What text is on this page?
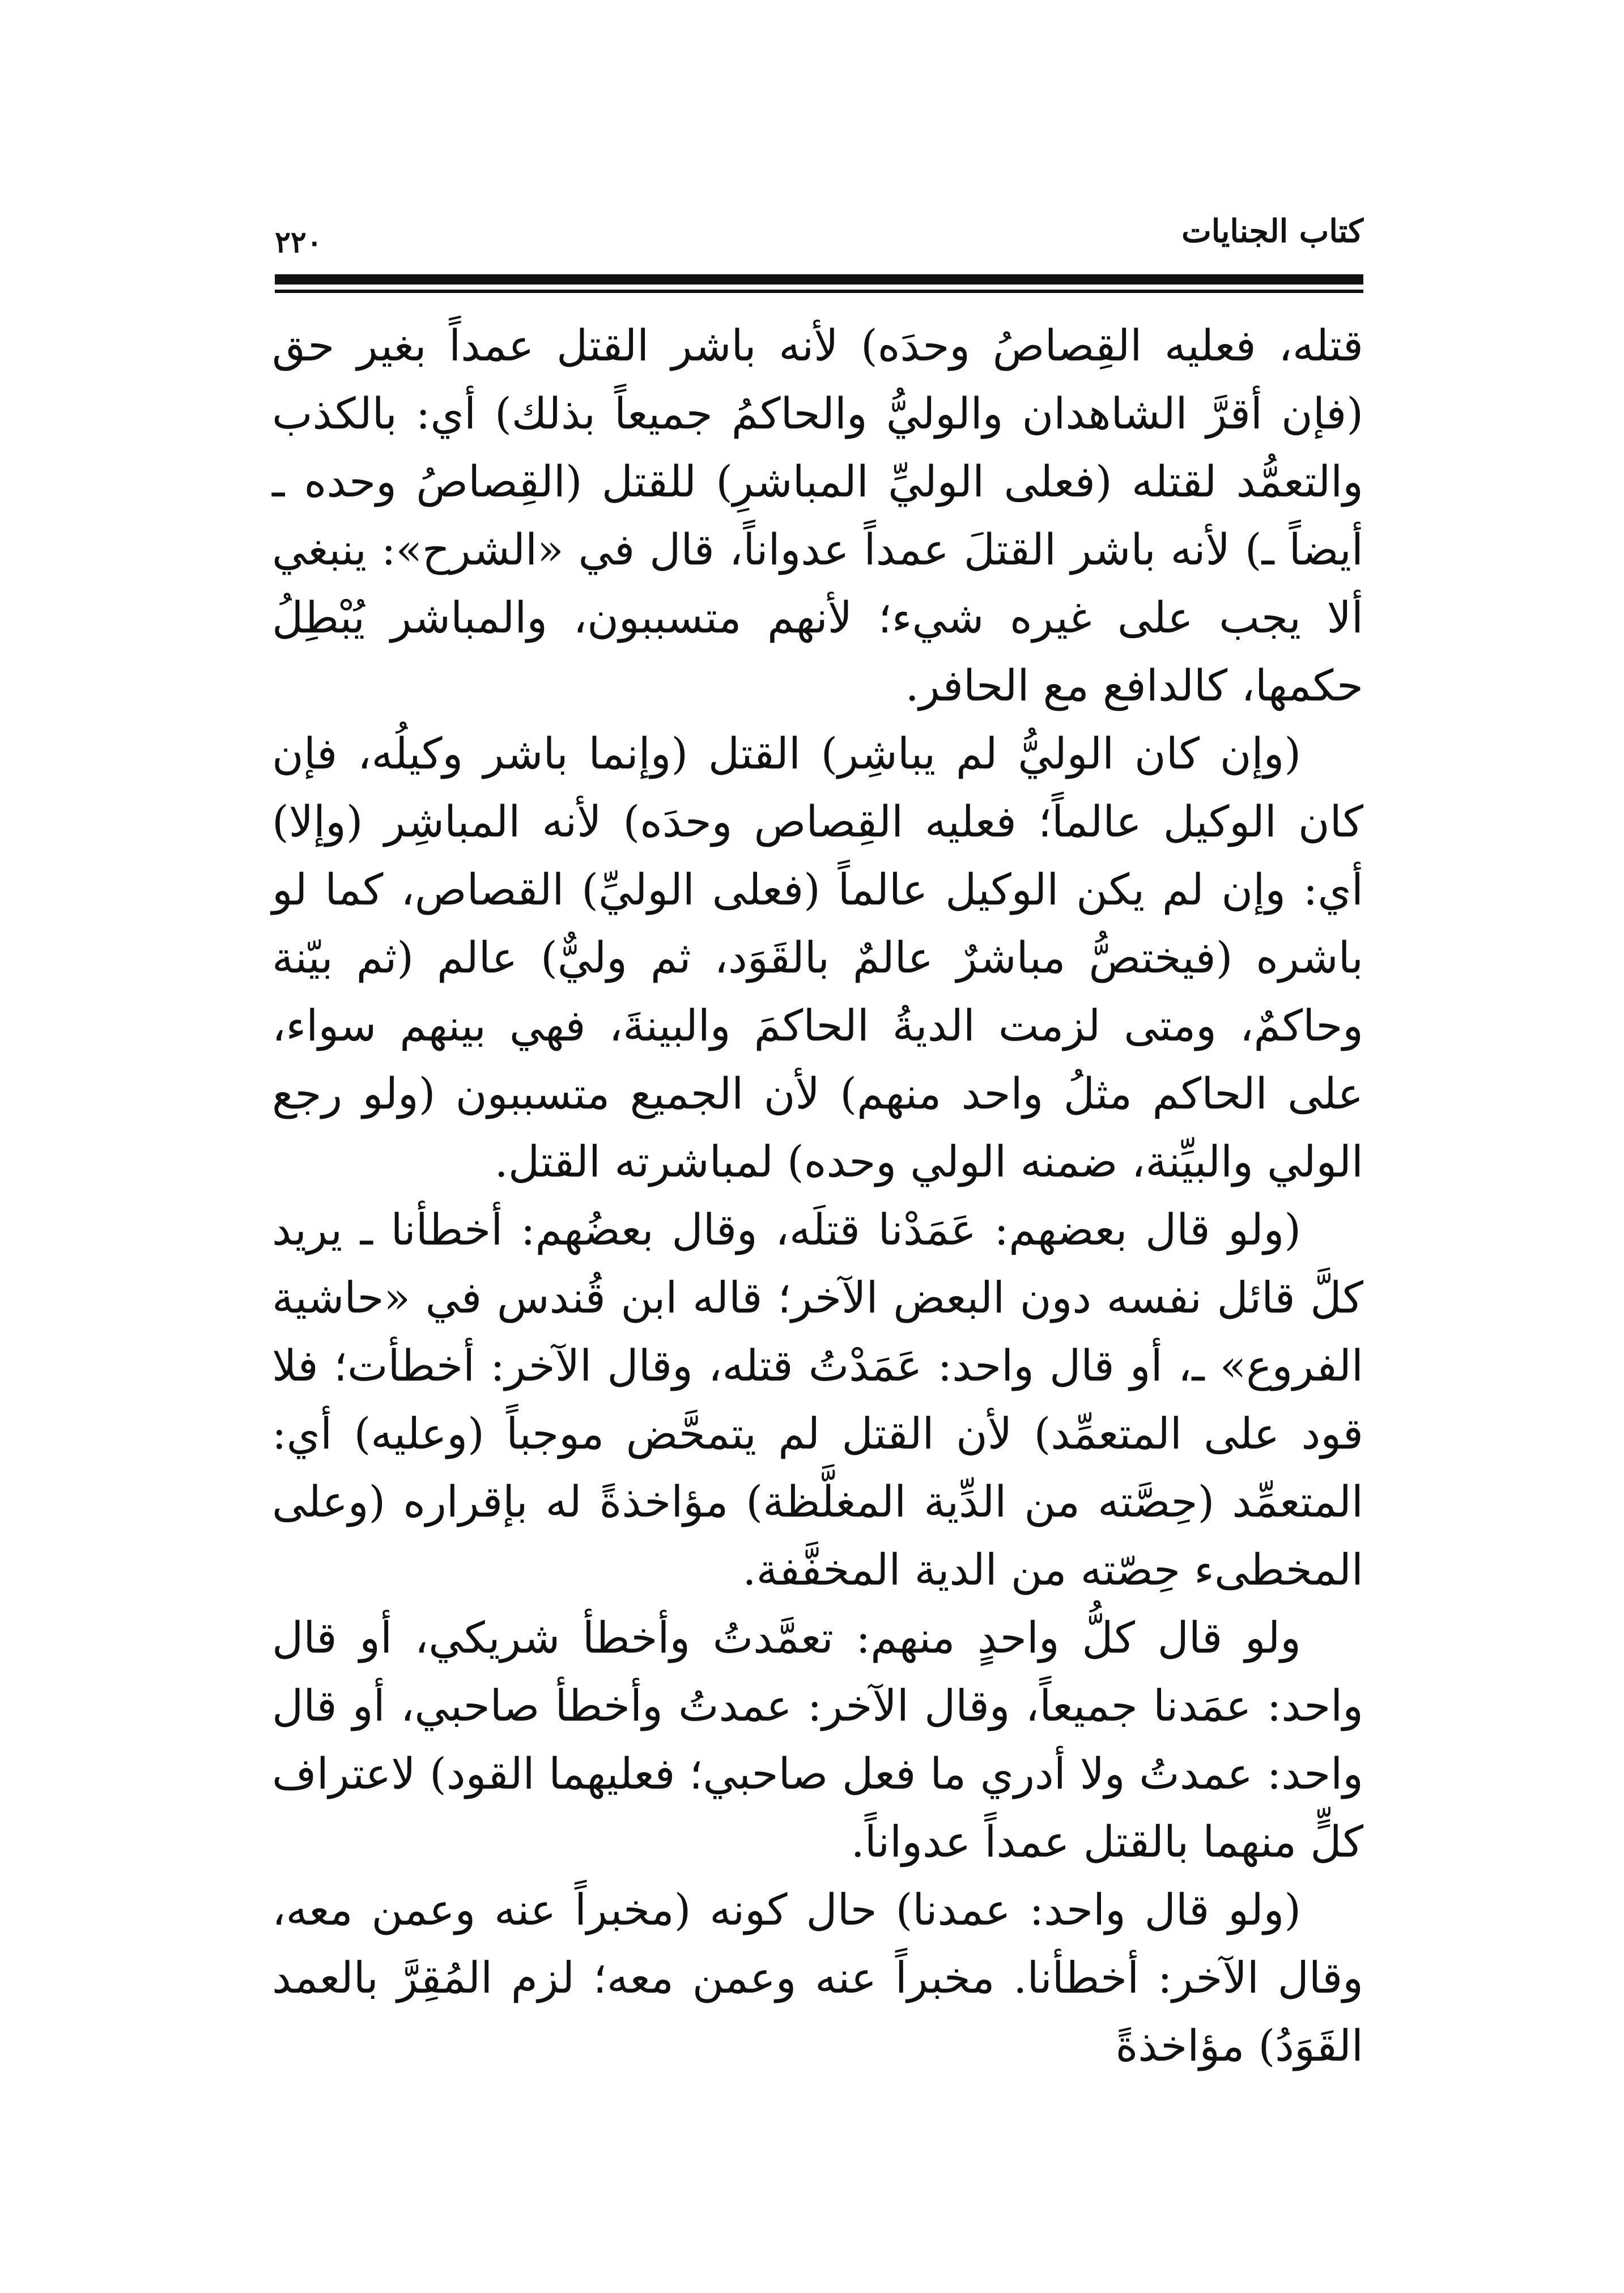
كتاب الجنايات
٢٢٠

قتله، فعليه القِصاصُ وحدَه) لأنه باشر القتل عمداً بغير حق (فإن أقرَّ الشاهدان والوليُّ والحاكمُ جميعاً بذلك) أي: بالكذب والتعمُّد لقتله (فعلى الوليِّ المباشرِ) للقتل (القِصاصُ وحده ـ أيضاً ـ) لأنه باشر القتلَ عمداً عدواناً، قال في «الشرح»: ينبغي ألا يجب على غيره شيء؛ لأنهم متسببون، والمباشر يُبْطِلُ حكمها، كالدافع مع الحافر.

(وإن كان الوليُّ لم يباشِر) القتل (وإنما باشر وكيلُه، فإن كان الوكيل عالماً؛ فعليه القِصاص وحدَه) لأنه المباشِر (وإلا) أي: وإن لم يكن الوكيل عالماً (فعلى الوليِّ) القصاص، كما لو باشره (فيختصُّ مباشرٌ عالمٌ بالقَوَد، ثم وليٌّ) عالم (ثم بيّنة وحاكمٌ، ومتى لزمت الديةُ الحاكمَ والبينةَ، فهي بينهم سواء، على الحاكم مثلُ واحد منهم) لأن الجميع متسببون (ولو رجع الولي والبيِّنة، ضمنه الولي وحده) لمباشرته القتل.

(ولو قال بعضهم: عَمَدْنا قتلَه، وقال بعضُهم: أخطأنا ـ يريد كلَّ قائل نفسه دون البعض الآخر؛ قاله ابن قُندس في «حاشية الفروع» ـ، أو قال واحد: عَمَدْتُ قتله، وقال الآخر: أخطأت؛ فلا قود على المتعمِّد) لأن القتل لم يتمحَّض موجباً (وعليه) أي: المتعمِّد (حِصَّته من الدِّية المغلَّظة) مؤاخذةً له بإقراره (وعلى المخطىء حِصّته من الدية المخفَّفة.

ولو قال كلُّ واحدٍ منهم: تعمَّدتُ وأخطأ شريكي، أو قال واحد: عمَدنا جميعاً، وقال الآخر: عمدتُ وأخطأ صاحبي، أو قال واحد: عمدتُ ولا أدري ما فعل صاحبي؛ فعليهما القود) لاعتراف كلٍّ منهما بالقتل عمداً عدواناً.

(ولو قال واحد: عمدنا) حال كونه (مخبراً عنه وعمن معه، وقال الآخر: أخطأنا. مخبراً عنه وعمن معه؛ لزم المُقِرَّ بالعمد القَوَدُ) مؤاخذةً
